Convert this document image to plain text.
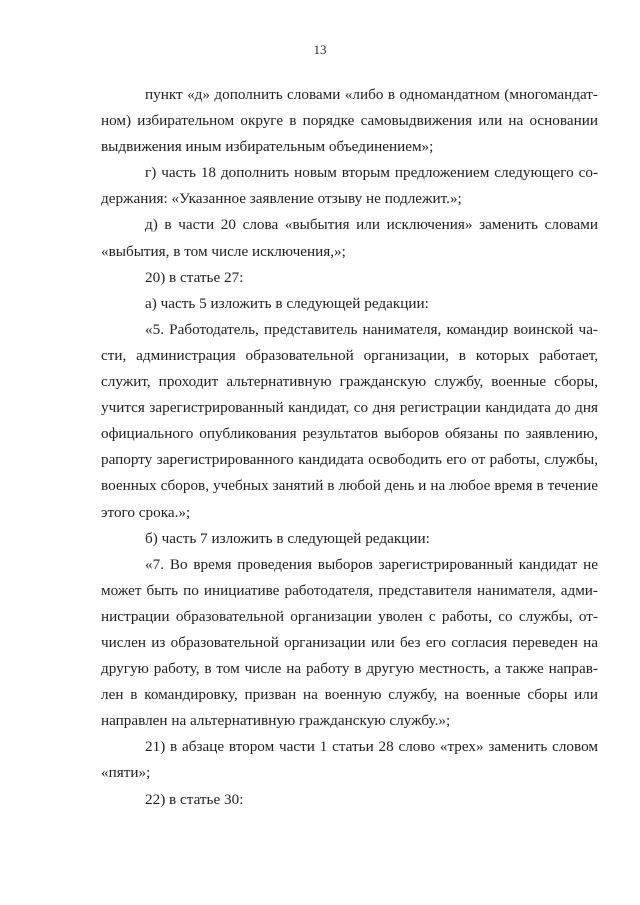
13
пункт «д» дополнить словами «либо в одномандатном (многомандат-
ном) избирательном округе в порядке самовыдвижения или на основании
выдвижения иным избирательным объединением»;
г) часть 18 дополнить новым вторым предложением следующего со-
держания: «Указанное заявление отзыву не подлежит.»;
д) в части 20 слова «выбытия или исключения» заменить словами
«выбытия, в том числе исключения,»;
20) в статье 27:
а) часть 5 изложить в следующей редакции:
«5. Работодатель, представитель нанимателя, командир воинской ча-
сти, администрация образовательной организации, в которых работает,
служит, проходит альтернативную гражданскую службу, военные сборы,
учится зарегистрированный кандидат, со дня регистрации кандидата до дня
официального опубликования результатов выборов обязаны по заявлению,
рапорту зарегистрированного кандидата освободить его от работы, службы,
военных сборов, учебных занятий в любой день и на любое время в течение
этого срока.»;
б) часть 7 изложить в следующей редакции:
«7. Во время проведения выборов зарегистрированный кандидат не
может быть по инициативе работодателя, представителя нанимателя, адми-
нистрации образовательной организации уволен с работы, со службы, от-
числен из образовательной организации или без его согласия переведен на
другую работу, в том числе на работу в другую местность, а также направ-
лен в командировку, призван на военную службу, на военные сборы или
направлен на альтернативную гражданскую службу.»;
21) в абзаце втором части 1 статьи 28 слово «трех» заменить словом
«пяти»;
22) в статье 30:
